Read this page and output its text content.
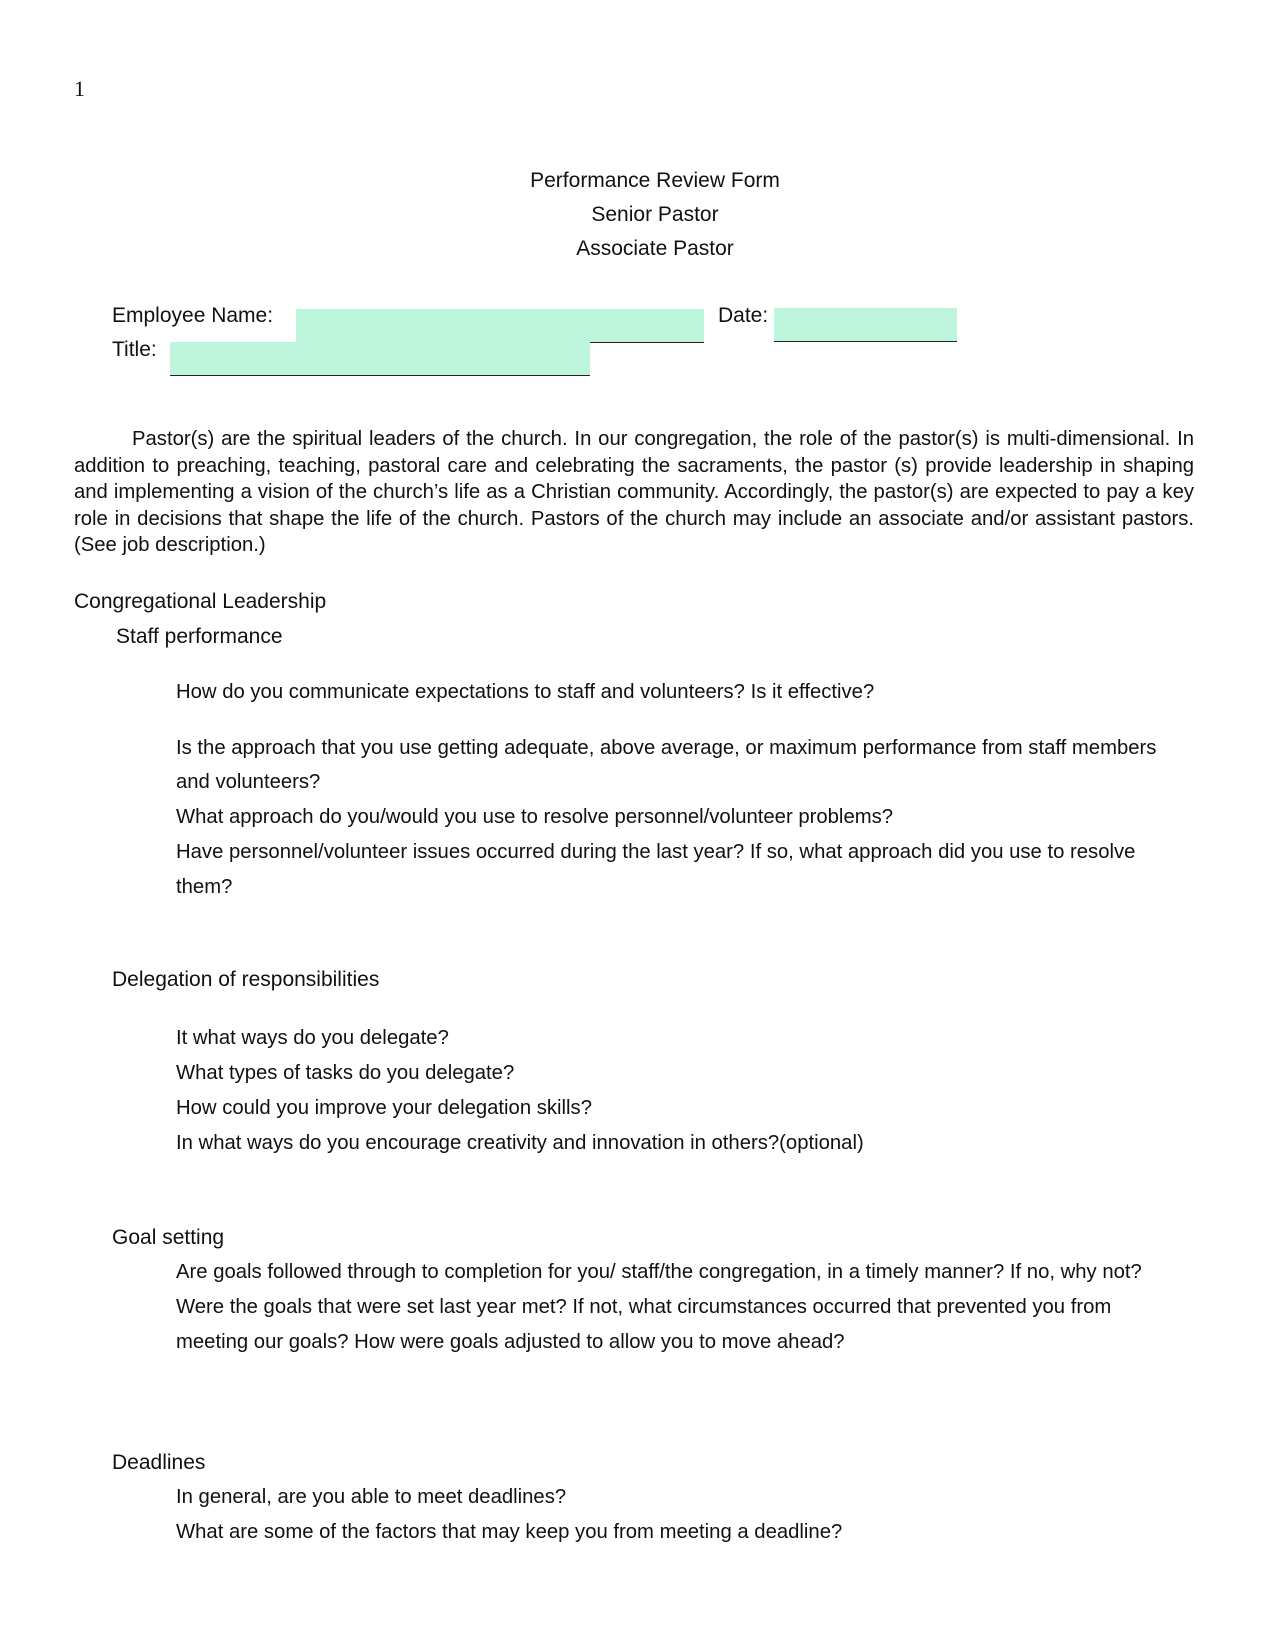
1
Performance Review Form
Senior Pastor
Associate Pastor
Employee Name:	Date:
Title:

Pastor(s) are the spiritual leaders of the church. In our congregation, the role of the pastor(s) is multi-dimensional. In addition to preaching, teaching, pastoral care and celebrating the sacraments, the pastor (s) provide leadership in shaping and implementing a vision of the church’s life as a Christian community. Accordingly, the pastor(s) are expected to pay a key role in decisions that shape the life of the church. Pastors of the church may include an associate and/or assistant pastors. (See job description.)

Congregational Leadership
Staff performance
How do you communicate expectations to staff and volunteers? Is it effective?
Is the approach that you use getting adequate, above average, or maximum performance from staff members
and volunteers?
What approach do you/would you use to resolve personnel/volunteer problems?
Have personnel/volunteer issues occurred during the last year? If so, what approach did you use to resolve
them?
Delegation of responsibilities
It what ways do you delegate?
What types of tasks do you delegate?
How could you improve your delegation skills?
In what ways do you encourage creativity and innovation in others?(optional)
Goal setting
Are goals followed through to completion for you/ staff/the congregation, in a timely manner? If no, why not?
Were the goals that were set last year met? If not, what circumstances occurred that prevented you from
meeting our goals? How were goals adjusted to allow you to move ahead?
Deadlines
In general, are you able to meet deadlines?
What are some of the factors that may keep you from meeting a deadline?
